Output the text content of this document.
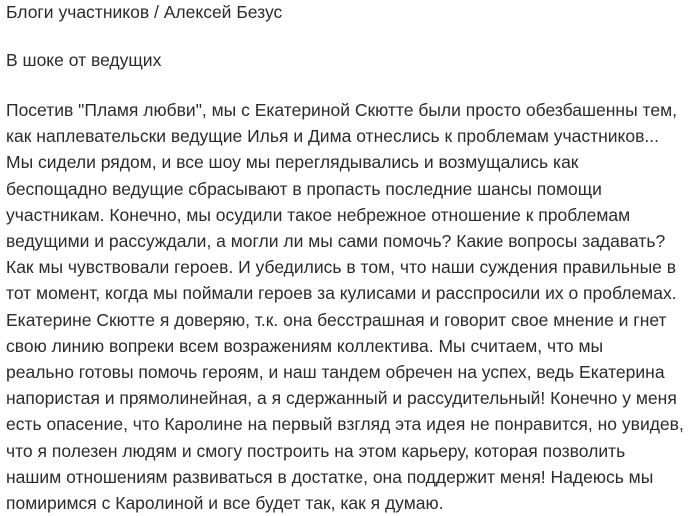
Блоги участников / Алексей Безус
В шоке от ведущих
Посетив "Пламя любви", мы с Екатериной Скютте были просто обезбашенны тем,
как наплевательски ведущие Илья и Дима отнеслись к проблемам участников...
Мы сидели рядом, и все шоу мы переглядывались и возмущались как
беспощадно ведущие сбрасывают в пропасть последние шансы помощи
участникам. Конечно, мы осудили такое небрежное отношение к проблемам
ведущими и рассуждали, а могли ли мы сами помочь? Какие вопросы задавать?
Как мы чувствовали героев. И убедились в том, что наши суждения правильные в
тот момент, когда мы поймали героев за кулисами и расспросили их о проблемах.
Екатерине Скютте я доверяю, т.к. она бесстрашная и говорит свое мнение и гнет
свою линию вопреки всем возражениям коллектива. Мы считаем, что мы
реально готовы помочь героям, и наш тандем обречен на успех, ведь Екатерина
напористая и прямолинейная, а я сдержанный и рассудительный! Конечно у меня
есть опасение, что Каролине на первый взгляд эта идея не понравится, но увидев,
что я полезен людям и смогу построить на этом карьеру, которая позволить
нашим отношениям развиваться в достатке, она поддержит меня! Надеюсь мы
помиримся с Каролиной и все будет так, как я думаю.
